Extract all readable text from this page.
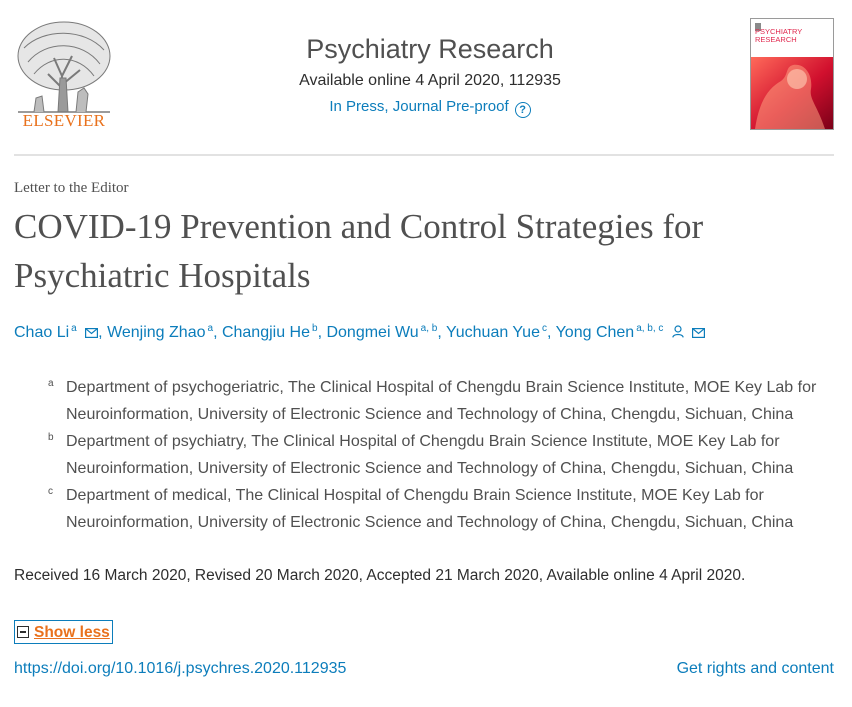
ELSEVIER
Psychiatry Research
Available online 4 April 2020, 112935
In Press, Journal Pre-proof ?
PSYCHIATRY
RESEARCH
Letter to the Editor
COVID-19 Prevention and Control Strategies for Psychiatric Hospitals
Chao Li $^a$ , Wenjing Zhao $^a$, Changjiu He $^b$, Dongmei Wu $^{a, b}$, Yuchuan Yue $^c$, Yong Chen $^{a, b, c}$
a Department of psychogeriatric, The Clinical Hospital of Chengdu Brain Science Institute, MOE Key Lab for Neuroinformation, University of Electronic Science and Technology of China, Chengdu, Sichuan, China
b Department of psychiatry, The Clinical Hospital of Chengdu Brain Science Institute, MOE Key Lab for Neuroinformation, University of Electronic Science and Technology of China, Chengdu, Sichuan, China
c Department of medical, The Clinical Hospital of Chengdu Brain Science Institute, MOE Key Lab for Neuroinformation, University of Electronic Science and Technology of China, Chengdu, Sichuan, China
Received 16 March 2020, Revised 20 March 2020, Accepted 21 March 2020, Available online 4 April 2020.
Show less
https://doi.org/10.1016/j.psychres.2020.112935	Get rights and content
